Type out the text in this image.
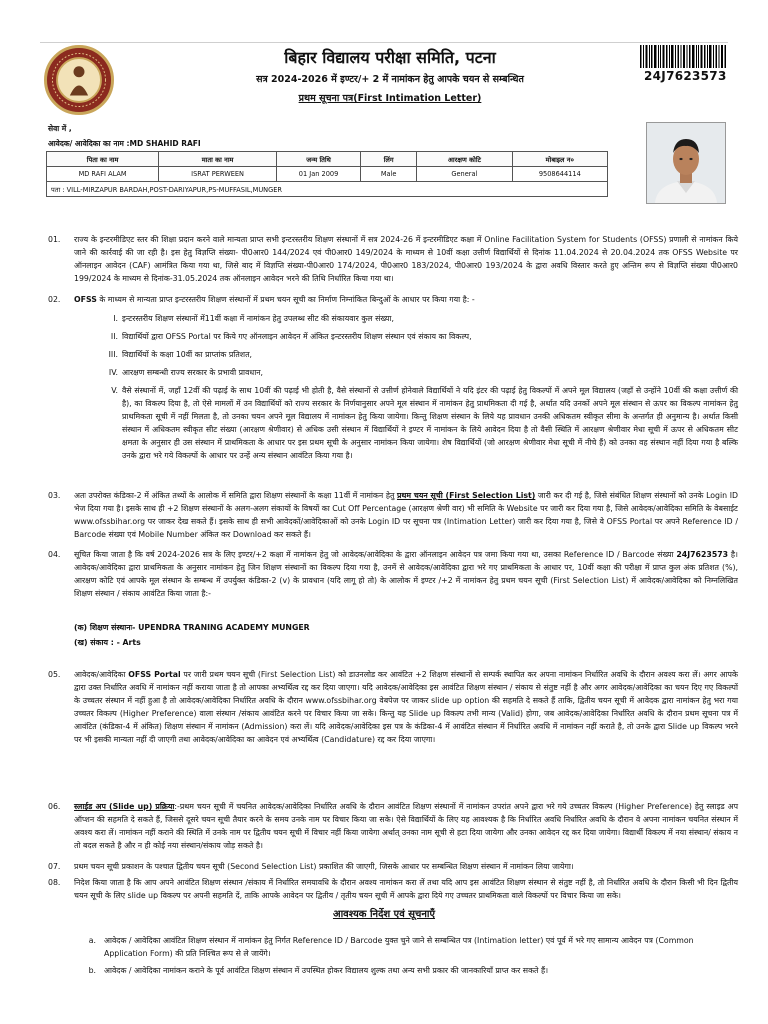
बिहार विद्यालय परीक्षा समिति, पटना
सत्र 2024-2026 में इण्टर/+ 2 में नामांकन हेतु आपके चयन से सम्बन्धित
प्रथम सूचना पत्र(First Intimation Letter)
24J7623573
सेवा में ,
आवेदक/ आवेदिका का नाम :MD SHAHID RAFI
पिता का नाम	माता का नाम	जन्म तिथि	लिंग	आरक्षण कोटि	मोबाइल न०
MD RAFI ALAM	ISRAT PERWEEN	01 Jan 2009	Male	General	9508644114
पता : VILL-MIRZAPUR BARDAH,POST-DARIYAPUR,PS-MUFFASIL,MUNGER					
01. राज्य के इन्टरमीडिएट स्तर की शिक्षा प्रदान करने वाले मान्यता प्राप्त सभी इन्टरस्तरीय शिक्षण संस्थानों में सत्र 2024-26 में इन्टरमीडिएट कक्षा में Online Facilitation System for Students (OFSS) प्रणाली से नामांकन किये जाने की कार्रवाई की जा रही है। इस हेतु विज्ञप्ति संख्या- पी0आर0 144/2024 एवं पी0आर0 149/2024 के माध्यम से 10वीं कक्षा उत्तीर्ण विद्यार्थियों से दिनांक 11.04.2024 से 20.04.2024 तक OFSS Website पर ऑनलाइन आवेदन (CAF) आमंत्रित किया गया था, जिसे बाद में विज्ञप्ति संख्या-पी0आर0 174/2024, पी0आर0 183/2024, पी0आर0 193/2024 के द्वारा अवधि विस्तार करते हुए अन्तिम रूप से विज्ञप्ति संख्या पी0आर0 199/2024 के माध्यम से दिनांक-31.05.2024 तक ऑनलाइन आवेदन भरने की तिथि निर्धारित किया गया था।

02. OFSS के माध्यम से मान्यता प्राप्त इन्टरस्तरीय शिक्षण संस्थानों में प्रथम चयन सूची का निर्माण निम्नांकित बिन्दुओं के आधार पर किया गया है: -

I. इन्टरस्तरीय शिक्षण संस्थानों में11वीं कक्षा में नामांकन हेतु उपलब्ध सीट की संकायवार कुल संख्या,

II. विद्यार्थियों द्वारा OFSS Portal पर किये गए ऑनलाइन आवेदन में अंकित इन्टरस्तरीय शिक्षण संस्थान एवं संकाय का विकल्प,

III. विद्यार्थियों के कक्षा 10वीं का प्राप्तांक प्रतिशत,

IV. आरक्षण सम्बन्धी राज्य सरकार के प्रभावी प्रावधान,

V. वैसे संस्थानों में, जहाँ 12वीं की पढ़ाई के साथ 10वीं की पढ़ाई भी होती है, वैसे संस्थानों से उत्तीर्ण होनेवाले विद्यार्थियों ने यदि इंटर की पढ़ाई हेतु विकल्पों में अपने मूल विद्यालय (जहाँ से उन्होंने 10वीं की कक्षा उत्तीर्ण की है), का विकल्प दिया है, तो ऐसे मामलों में उन विद्यार्थियों को राज्य सरकार के निर्णयानुसार अपने मूल संस्थान में नामांकन हेतु प्राथमिकता दी गई है, अर्थात यदि उनकों अपने मूल संस्थान से ऊपर का विकल्प नामांकन हेतु प्राथमिकता सूची में नहीं मिलता है, तो उनका चयन अपने मूल विद्यालय में नामांकन हेतु किया जायेगा। किन्तु शिक्षण संस्थान के लिये यह प्रावधान उनकी अधिकतम स्वीकृत सीमा के अन्तर्गत ही अनुमान्य है। अर्थात किसी संस्थान में अधिकतम स्वीकृत सीट संख्या (आरक्षण श्रेणीवार) से अधिक उसी संस्थान में विद्यार्थियों ने इण्टर में नामांकन के लिये आवेदन दिया है तो वैसी स्थिति में आरक्षण श्रेणीवार मेधा सूची में ऊपर से अधिकतम सीट क्षमता के अनुसार ही उस संस्थान में प्राथमिकता के आधार पर इस प्रथम सूची के अनुसार नामांकन किया जायेगा। शेष विद्यार्थियों (जो आरक्षण श्रेणीवार मेधा सूची में नीचे हैं) को उनका वह संस्थान नहीं दिया गया है बल्कि उनके द्वारा भरे गये विकल्पों के आधार पर उन्हें अन्य संस्थान आवंटित किया गया है।

03. अतः उपरोक्त कंडिका-2 में अंकित तथ्यों के आलोक में समिति द्वारा शिक्षण संस्थानों के कक्षा 11वीं में नामांकन हेतु प्रथम चयन सूची (First Selection List) जारी कर दी गई है, जिसे संबंधित शिक्षण संस्थानों को उनके Login ID भेज दिया गया है। इसके साथ ही +2 शिक्षण संस्थानों के अलग-अलग संकायों के विषयों का Cut Off Percentage (आरक्षण श्रेणी वार) भी समिति के Website पर जारी कर दिया गया है, जिसे आवेदक/आवेदिका समिति के वेबसाईट www.ofssbihar.org पर जाकर देख सकते हैं। इसके साथ ही सभी आवेदकों/आवेदिकाओं को उनके Login ID पर सूचना पत्र (Intimation Letter) जारी कर दिया गया है, जिसे वे OFSS Portal पर अपने Reference ID / Barcode संख्या एवं Mobile Number अंकित कर Download कर सकते हैं।

04. सूचित किया जाता है कि वर्ष 2024-2026 सत्र के लिए इण्टर/+2 कक्षा में नामांकन हेतु जो आवेदक/आवेदिका के द्वारा ऑनलाइन आवेदन पत्र जमा किया गया था, उसका Reference ID / Barcode संख्या 24J7623573 है। आवेदक/आवेदिका द्वारा प्राथमिकता के अनुसार नामांकन हेतु जिन शिक्षण संस्थानों का विकल्प दिया गया है, उनमें से आवेदक/आवेदिका द्वारा भरे गए प्राथमिकता के आधार पर, 10वीं कक्षा की परीक्षा में प्राप्त कुल अंक प्रतिशत (%), आरक्षण कोटि एवं आपके मूल संस्थान के सम्बन्ध में उपर्युक्त कंडिका-2 (v) के प्रावधान (यदि लागू हो तो) के आलोक में इण्टर /+2 में नामांकन हेतु प्रथम चयन सूची (First Selection List) में आवेदक/आवेदिका को निम्नलिखित शिक्षण संस्थान / संकाय आवंटित किया जाता है:-

(क) शिक्षण संस्थानः- UPENDRA TRANING ACADEMY MUNGER
(ख) संकाय : - Arts
05. आवेदक/आवेदिका OFSS Portal पर जारी प्रथम चयन सूची (First Selection List) को डाउनलोड कर आवंटित +2 शिक्षण संस्थानों से सम्पर्क स्थापित कर अपना नामांकन निर्धारित अवधि के दौरान अवश्य करा लें। अगर आपके द्वारा उक्त निर्धारित अवधि में नामांकन नहीं कराया जाता है तो आपका अभ्यर्थित्व रद्द कर दिया जाएगा। यदि आवेदक/आवेदिका इस आवंटित शिक्षण संस्थान / संकाय से संतुष्ट नहीं है और अगर आवेदक/आवेदिका का चयन दिए गए विकल्पों के उच्चतर संस्थान में नहीं हुआ है तो आवेदक/आवेदिका निर्धारित अवधि के दौरान www.ofssbihar.org वेबपेज पर जाकर slide up option की सहमति दे सकते हैं ताकि, द्वितीय चयन सूची में आवेदक द्वारा नामांकन हेतु भरा गया उच्चतर विकल्प (Higher Preference) वाला संस्थान /संकाय आवंटित करने पर विचार किया जा सके। किन्तु यह Slide up विकल्प तभी मान्य (Valid) होगा, जब आवेदक/आवेदिका निर्धारित अवधि के दौरान प्रथम सूचना पत्र में आवंटित (कंडिका-4 में अंकित) शिक्षण संस्थान में नामांकन (Admission) करा लें। यदि आवेदक/आवेदिका इस पत्र के कंडिका-4 में आवंटित संस्थान में निर्धारित अवधि में नामांकन नहीं कराते है, तो उनके द्वारा Slide up विकल्प भरने पर भी इसकी मान्यता नहीं दी जाएगी तथा आवेदक/आवेदिका का आवेदन एवं अभ्यर्थित्व (Candidature) रद्द कर दिया जाएगा।

06. स्लाईड अप (Slide up) प्रक्रिया:-प्रथम चयन सूची में चयनित आवेदक/आवेदिका निर्धारित अवधि के दौरान आवंटित शिक्षण संस्थानों में नामांकन उपरांत अपने द्वारा भरे गये उच्चतर विकल्प (Higher Preference) हेतु स्लाइड अप ऑप्शन की सहमति दे सकते हैं, जिससे दूसरे चयन सूची तैयार करने के समय उनके नाम पर विचार किया जा सके। ऐसे विद्यार्थियों के लिए यह आवश्यक है कि निर्धारित अवधि निर्धारित अवधि के दौरान वे अपना नामांकन चयनित संस्थान में अवश्य करा लें। नामांकन नहीं कराने की स्थिति में उनके नाम पर द्वितीय चयन सूची में विचार नहीं किया जायेगा अर्थात् उनका नाम सूची से हटा दिया जायेगा और उनका आवेदन रद्द कर दिया जायेगा। विद्यार्थी विकल्प में नया संस्थान/ संकाय न तो बदल सकते है और न ही कोई नया संस्थान/संकाय जोड़ सकते है।

07. प्रथम चयन सूची प्रकाशन के पश्चात द्वितीय चयन सूची (Second Selection List) प्रकाशित की जाएगी, जिसके आधार पर सम्बन्धित शिक्षण संस्थान में नामांकन लिया जायेगा।

08. निदेश किया जाता है कि आप अपने आवंटित शिक्षण संस्थान /संकाय में निर्धारित समयावधि के दौरान अवश्य नामांकन करा लें तथा यदि आप इस आवंटित शिक्षण संस्थान से संतुष्ट नहीं है, तो निर्धारित अवधि के दौरान किसी भी दिन द्वितीय चयन सूची के लिए slide up विकल्प पर अपनी सहमति दें, ताकि आपके आवेदन पर द्वितीय / तृतीय चयन सूची में आपके द्वारा दिये गए उच्चतर प्राथमिकता वाले विकल्पों पर विचार किया जा सके।

आवश्यक निर्देश एवं सूचनाएँ
a. आवेदक / आवेदिका आवंटित शिक्षण संस्थान में नामांकन हेतु निर्गत Reference ID / Barcode युक्त चुने जाने से सम्बन्धित पत्र (Intimation letter) एवं पूर्व में भरे गए सामान्य आवेदन पत्र (Common Application Form) की प्रति निश्चित रूप से ले जायेंगे।

b. आवेदक / आवेदिका नामांकन कराने के पूर्व आवंटित शिक्षण संस्थान में उपस्थित होकर विद्यालय शुल्क तथा अन्य सभी प्रकार की जानकारियाँ प्राप्त कर सकते हैं।
